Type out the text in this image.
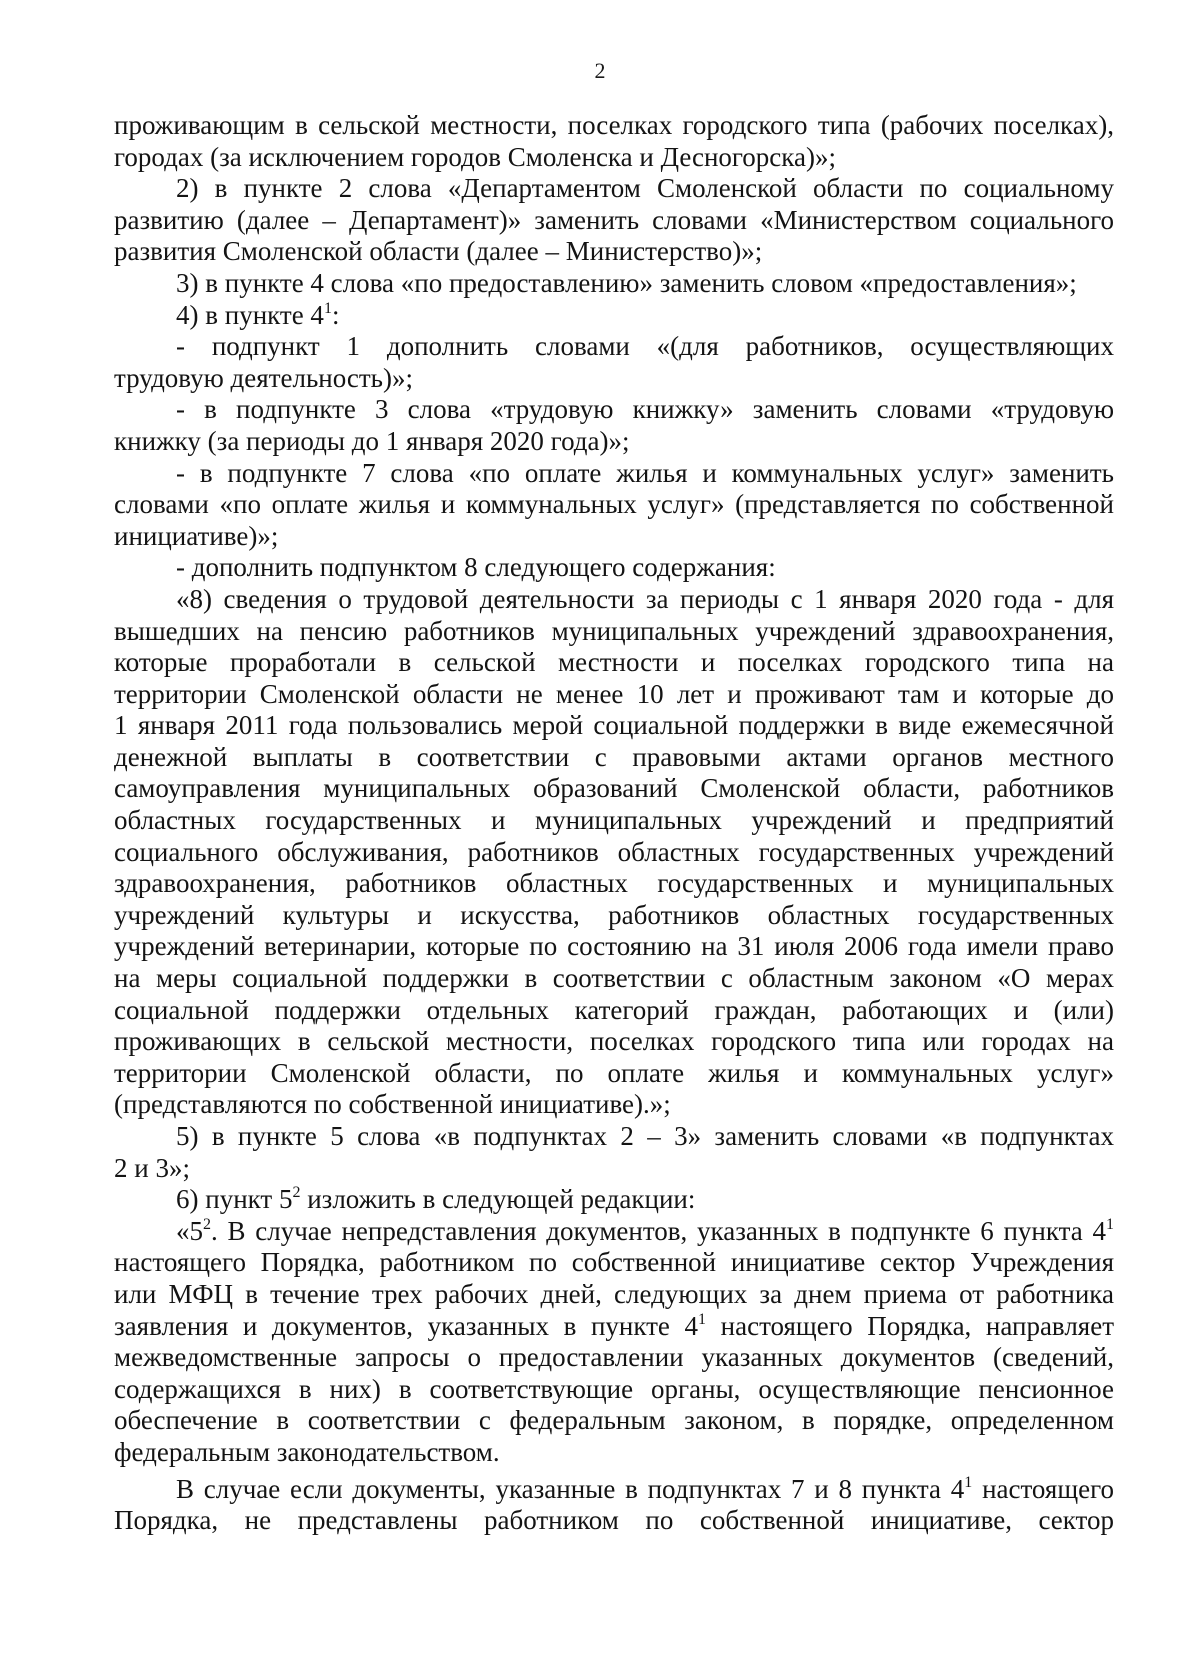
2
проживающим в сельской местности, поселках городского типа (рабочих поселках),
городах (за исключением городов Смоленска и Десногорска)»;
2) в пункте 2 слова «Департаментом Смоленской области по социальному
развитию (далее – Департамент)» заменить словами «Министерством социального
развития Смоленской области (далее – Министерство)»;
3) в пункте 4 слова «по предоставлению» заменить словом «предоставления»;
4) в пункте $4^1$:
- подпункт 1 дополнить словами «(для работников, осуществляющих
трудовую деятельность)»;
- в подпункте 3 слова «трудовую книжку» заменить словами «трудовую
книжку (за периоды до 1 января 2020 года)»;
- в подпункте 7 слова «по оплате жилья и коммунальных услуг» заменить
словами «по оплате жилья и коммунальных услуг» (представляется по собственной
инициативе)»;
- дополнить подпунктом 8 следующего содержания:
«8) сведения о трудовой деятельности за периоды с 1 января 2020 года - для
вышедших на пенсию работников муниципальных учреждений здравоохранения,
которые проработали в сельской местности и поселках городского типа на
территории Смоленской области не менее 10 лет и проживают там и которые до
1 января 2011 года пользовались мерой социальной поддержки в виде ежемесячной
денежной выплаты в соответствии с правовыми актами органов местного
самоуправления муниципальных образований Смоленской области, работников
областных государственных и муниципальных учреждений и предприятий
социального обслуживания, работников областных государственных учреждений
здравоохранения, работников областных государственных и муниципальных
учреждений культуры и искусства, работников областных государственных
учреждений ветеринарии, которые по состоянию на 31 июля 2006 года имели право
на меры социальной поддержки в соответствии с областным законом «О мерах
социальной поддержки отдельных категорий граждан, работающих и (или)
проживающих в сельской местности, поселках городского типа или городах на
территории Смоленской области, по оплате жилья и коммунальных услуг»
(представляются по собственной инициативе).»;
5) в пункте 5 слова «в подпунктах 2 – 3» заменить словами «в подпунктах
2 и 3»;
6) пункт $5^2$ изложить в следующей редакции:
«$5^2$. В случае непредставления документов, указанных в подпункте 6 пункта $4^1$
настоящего Порядка, работником по собственной инициативе сектор Учреждения
или МФЦ в течение трех рабочих дней, следующих за днем приема от работника
заявления и документов, указанных в пункте $4^1$ настоящего Порядка, направляет
межведомственные запросы о предоставлении указанных документов (сведений,
содержащихся в них) в соответствующие органы, осуществляющие пенсионное
обеспечение в соответствии с федеральным законом, в порядке, определенном
федеральным законодательством.
В случае если документы, указанные в подпунктах 7 и 8 пункта $4^1$ настоящего
Порядка, не представлены работником по собственной инициативе, сектор
